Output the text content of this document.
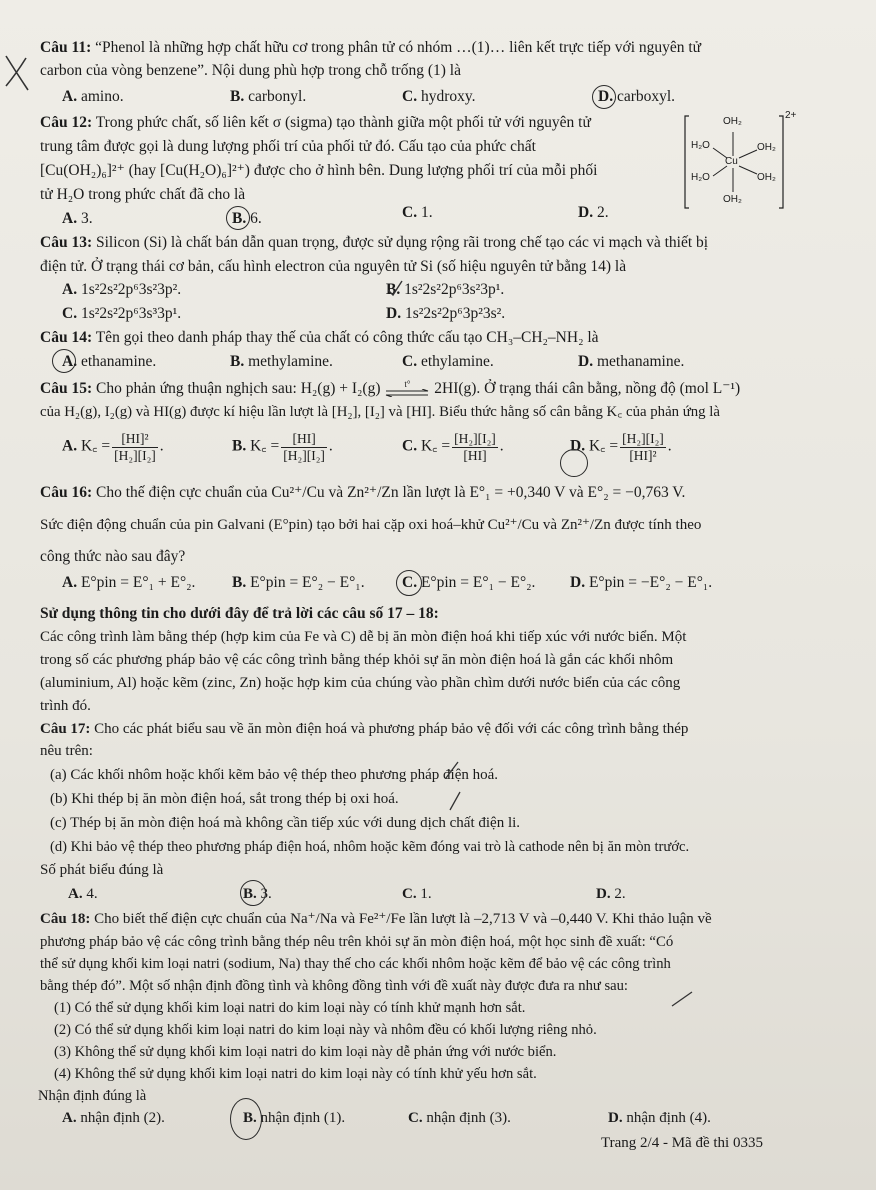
Câu 11: “Phenol là những hợp chất hữu cơ trong phân tử có nhóm …(1)… liên kết trực tiếp với nguyên tử
carbon của vòng benzene”. Nội dung phù hợp trong chỗ trống (1) là
A. amino.	B. carbonyl.	C. hydroxy.	D. carboxyl.
Câu 12: Trong phức chất, số liên kết σ (sigma) tạo thành giữa một phối tử với nguyên tử
trung tâm được gọi là dung lượng phối trí của phối tử đó. Cấu tạo của phức chất
[Cu(OH₂)₆]²⁺ (hay [Cu(H₂O)₆]²⁺) được cho ở hình bên. Dung lượng phối trí của mỗi phối
tử H₂O trong phức chất đã cho là
A. 3.	B. 6.	C. 1.	D. 2.
OH₂
Cu
OH₂
H₂O
H₂O
OH₂
OH₂
2+
Câu 13: Silicon (Si) là chất bán dẫn quan trọng, được sử dụng rộng rãi trong chế tạo các vi mạch và thiết bị
điện tử. Ở trạng thái cơ bản, cấu hình electron của nguyên tử Si (số hiệu nguyên tử bằng 14) là
A. 1s²2s²2p⁶3s²3p².	B. 1s²2s²2p⁶3s²3p¹.
C. 1s²2s²2p⁶3s³3p¹.	D. 1s²2s²2p⁶3p²3s².
Câu 14: Tên gọi theo danh pháp thay thế của chất có công thức cấu tạo CH₃–CH₂–NH₂ là
A. ethanamine.	B. methylamine.	C. ethylamine.	D. methanamine.
Câu 15: Cho phản ứng thuận nghịch sau: H₂(g) + I₂(g)	t° 2HI(g). Ở trạng thái cân bằng, nồng độ (mol L⁻¹)
của H₂(g), I₂(g) và HI(g) được kí hiệu lần lượt là [H₂], [I₂] và [HI]. Biểu thức hằng số cân bằng K꜀ của phản ứng là
A. K꜀ = $\frac{\text{[HI]²}}{\text{[H₂][I₂]}}$ .	B. K꜀ = $\frac{[HI]}{\text{[H₂][I₂]}}$ .	C. K꜀ = $\frac{\text{[H₂][I₂]}}{[HI]}$ .	D. K꜀ = $\frac{\text{[H₂][I₂]}}{\text{[HI]²}}$ .
Câu 16: Cho thế điện cực chuẩn của Cu²⁺/Cu và Zn²⁺/Zn lần lượt là E°₁ = +0,340 V và E°₂ = −0,763 V.
Sức điện động chuẩn của pin Galvani (E°pin) tạo bởi hai cặp oxi hoá–khử Cu²⁺/Cu và Zn²⁺/Zn được tính theo
công thức nào sau đây?
A. E°pin = E°₁ + E°₂. B. E°pin = E°₂ − E°₁. C. E°pin = E°₁ − E°₂. D. E°pin = −E°₂ − E°₁.
Sử dụng thông tin cho dưới đây để trả lời các câu số 17 – 18:
Các công trình làm bằng thép (hợp kim của Fe và C) dễ bị ăn mòn điện hoá khi tiếp xúc với nước biển. Một
trong số các phương pháp bảo vệ các công trình bằng thép khỏi sự ăn mòn điện hoá là gắn các khối nhôm
(aluminium, Al) hoặc kẽm (zinc, Zn) hoặc hợp kim của chúng vào phần chìm dưới nước biển của các công
trình đó.
Câu 17: Cho các phát biểu sau về ăn mòn điện hoá và phương pháp bảo vệ đối với các công trình bằng thép
nêu trên:
(a) Các khối nhôm hoặc khối kẽm bảo vệ thép theo phương pháp điện hoá.
(b) Khi thép bị ăn mòn điện hoá, sắt trong thép bị oxi hoá.
(c) Thép bị ăn mòn điện hoá mà không cần tiếp xúc với dung dịch chất điện li.
(d) Khi bảo vệ thép theo phương pháp điện hoá, nhôm hoặc kẽm đóng vai trò là cathode nên bị ăn mòn trước.
Số phát biểu đúng là
A. 4.	B. 3.	C. 1.	D. 2.
Câu 18: Cho biết thế điện cực chuẩn của Na⁺/Na và Fe²⁺/Fe lần lượt là –2,713 V và –0,440 V. Khi thảo luận về
phương pháp bảo vệ các công trình bằng thép nêu trên khỏi sự ăn mòn điện hoá, một học sinh đề xuất: “Có
thể sử dụng khối kim loại natri (sodium, Na) thay thế cho các khối nhôm hoặc kẽm để bảo vệ các công trình
bằng thép đó”. Một số nhận định đồng tình và không đồng tình với đề xuất này được đưa ra như sau:
(1) Có thể sử dụng khối kim loại natri do kim loại này có tính khử mạnh hơn sắt.
(2) Có thể sử dụng khối kim loại natri do kim loại này và nhôm đều có khối lượng riêng nhỏ.
(3) Không thể sử dụng khối kim loại natri do kim loại này dễ phản ứng với nước biển.
(4) Không thể sử dụng khối kim loại natri do kim loại này có tính khử yếu hơn sắt.
Nhận định đúng là
A. nhận định (2).	B. nhận định (1).	C. nhận định (3).	D. nhận định (4).
Trang 2/4 - Mã đề thi 0335
